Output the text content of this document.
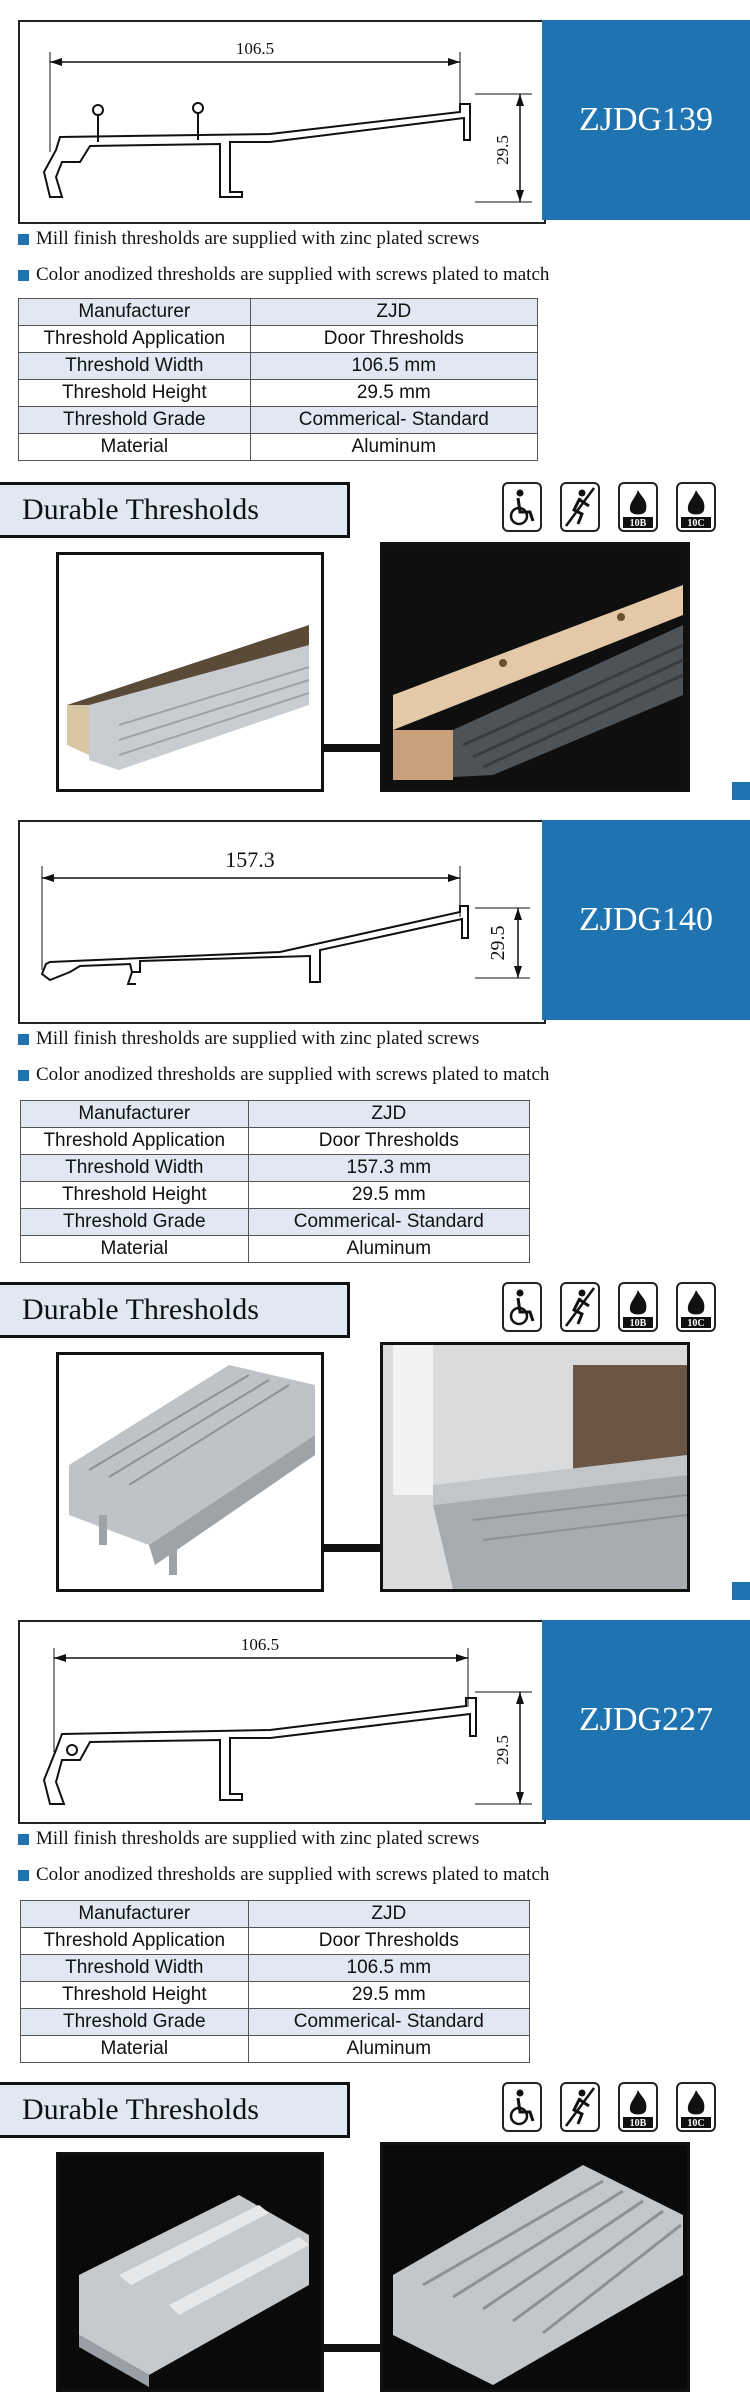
106.5
29.5
ZJDG139
Mill finish thresholds are supplied with zinc plated screws
Color anodized thresholds are supplied with screws plated to match
Manufacturer	ZJD
Threshold Application	Door Thresholds
Threshold Width	106.5 mm
Threshold Height	29.5 mm
Threshold Grade	Commerical- Standard
Material	Aluminum
Durable Thresholds	10B	10C
157.3
29.5
ZJDG140
Mill finish thresholds are supplied with zinc plated screws
Color anodized thresholds are supplied with screws plated to match
Manufacturer	ZJD
Threshold Application	Door Thresholds
Threshold Width	157.3 mm
Threshold Height	29.5 mm
Threshold Grade	Commerical- Standard
Material	Aluminum
Durable Thresholds	10B	10C
106.5
29.5
ZJDG227
Mill finish thresholds are supplied with zinc plated screws
Color anodized thresholds are supplied with screws plated to match
Manufacturer	ZJD
Threshold Application	Door Thresholds
Threshold Width	106.5 mm
Threshold Height	29.5 mm
Threshold Grade	Commerical- Standard
Material	Aluminum
Durable Thresholds	10B	10C
